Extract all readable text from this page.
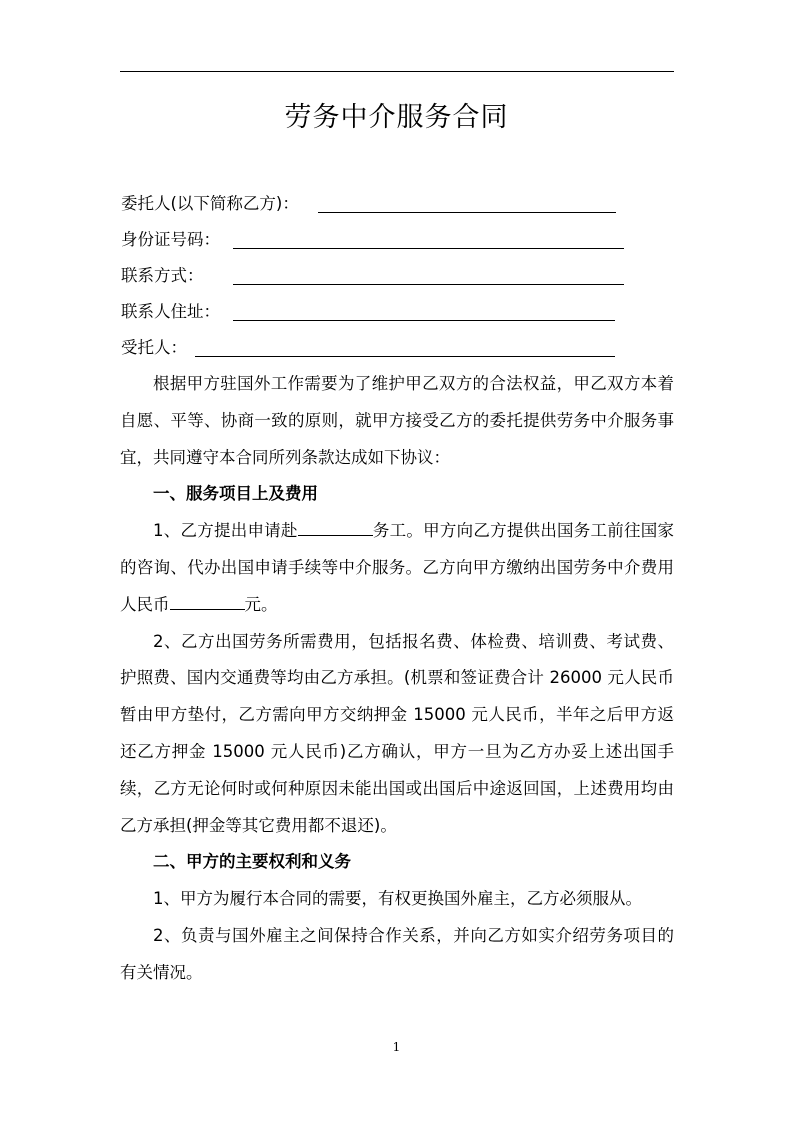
劳务中介服务合同
委托人(以下简称乙方)：
身份证号码：
联系方式：
联系人住址：
受托人：

根据甲方驻国外工作需要为了维护甲乙双方的合法权益，甲乙双方本着自愿、平等、协商一致的原则，就甲方接受乙方的委托提供劳务中介服务事宜，共同遵守本合同所列条款达成如下协议：

一、服务项目上及费用

1、乙方提出申请赴	务工。甲方向乙方提供出国务工前往国家的咨询、代办出国申请手续等中介服务。乙方向甲方缴纳出国劳务中介费用人民币	元。

2、乙方出国劳务所需费用，包括报名费、体检费、培训费、考试费、护照费、国内交通费等均由乙方承担。(机票和签证费合计 26000 元人民币暂由甲方垫付，乙方需向甲方交纳押金 15000 元人民币，半年之后甲方返还乙方押金 15000 元人民币)乙方确认，甲方一旦为乙方办妥上述出国手续，乙方无论何时或何种原因未能出国或出国后中途返回国，上述费用均由乙方承担(押金等其它费用都不退还)。

二、甲方的主要权利和义务

1、甲方为履行本合同的需要，有权更换国外雇主，乙方必须服从。

2、负责与国外雇主之间保持合作关系，并向乙方如实介绍劳务项目的有关情况。

1
